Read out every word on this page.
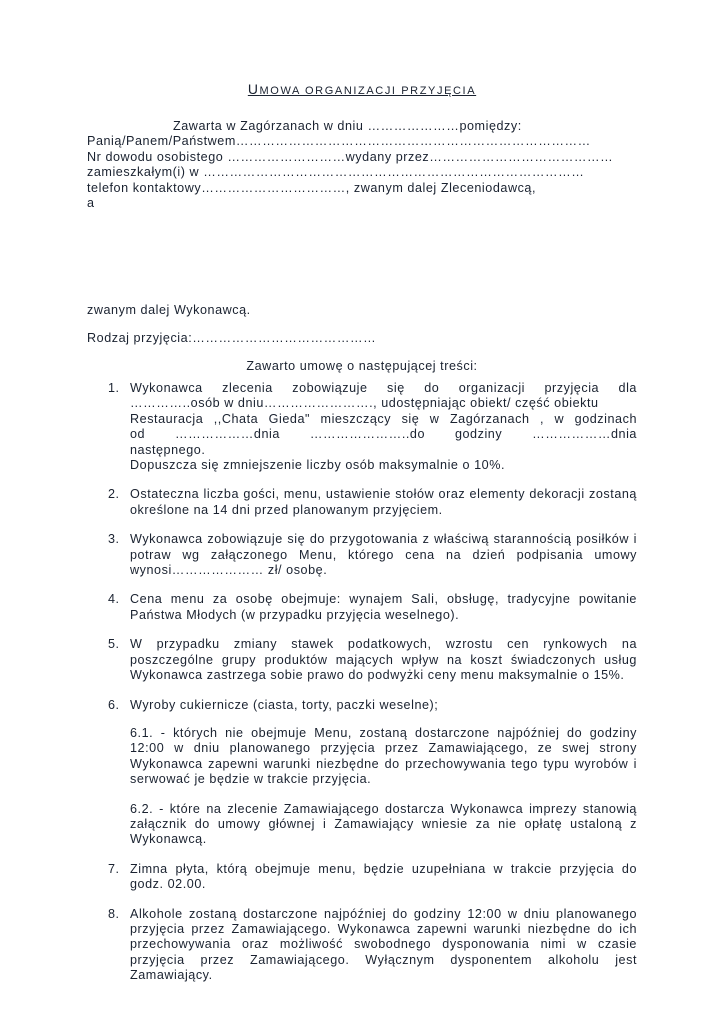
UMOWA ORGANIZACJI PRZYJĘCIA
Zawarta w Zagórzanach w dniu …………………pomiędzy:
Panią/Panem/Państwem………………………………………………………………………
Nr dowodu osobistego ………………………wydany przez……………………………………
zamieszkałym(i) w ……………………………………………………………………………
telefon kontaktowy……………………………, zwanym dalej Zleceniodawcą,
a
zwanym dalej Wykonawcą.
Rodzaj przyjęcia:……………………………………
Zawarto umowę o następującej treści:
1. Wykonawca zlecenia zobowiązuje się do organizacji przyjęcia dla
…………..osób w dniu……………………., udostępniając obiekt/ część obiektu
Restauracja ,,Chata Gieda" mieszczący się w Zagórzanach , w godzinach
od ………………dnia …………………..do godziny ………………dnia
następnego.
Dopuszcza się zmniejszenie liczby osób maksymalnie o 10%.
2. Ostateczna liczba gości, menu, ustawienie stołów oraz elementy dekoracji zostaną określone na 14 dni przed planowanym przyjęciem.

3. Wykonawca zobowiązuje się do przygotowania z właściwą starannością posiłków i potraw wg załączonego Menu, którego cena na dzień podpisania umowy wynosi………………… zł/ osobę.

4. Cena menu za osobę obejmuje: wynajem Sali, obsługę, tradycyjne powitanie Państwa Młodych (w przypadku przyjęcia weselnego).

5. W przypadku zmiany stawek podatkowych, wzrostu cen rynkowych na poszczególne grupy produktów mających wpływ na koszt świadczonych usług Wykonawca zastrzega sobie prawo do podwyżki ceny menu maksymalnie o 15%.

6. Wyroby cukiernicze (ciasta, torty, paczki weselne);

6.1. - których nie obejmuje Menu, zostaną dostarczone najpóźniej do godziny 12:00 w dniu planowanego przyjęcia przez Zamawiającego, ze swej strony Wykonawca zapewni warunki niezbędne do przechowywania tego typu wyrobów i serwować je będzie w trakcie przyjęcia.

6.2. - które na zlecenie Zamawiającego dostarcza Wykonawca imprezy stanowią załącznik do umowy głównej i Zamawiający wniesie za nie opłatę ustaloną z Wykonawcą.

7. Zimna płyta, którą obejmuje menu, będzie uzupełniana w trakcie przyjęcia do godz. 02.00.

8. Alkohole zostaną dostarczone najpóźniej do godziny 12:00 w dniu planowanego przyjęcia przez Zamawiającego. Wykonawca zapewni warunki niezbędne do ich przechowywania oraz możliwość swobodnego dysponowania nimi w czasie przyjęcia przez Zamawiającego. Wyłącznym dysponentem alkoholu jest Zamawiający.
